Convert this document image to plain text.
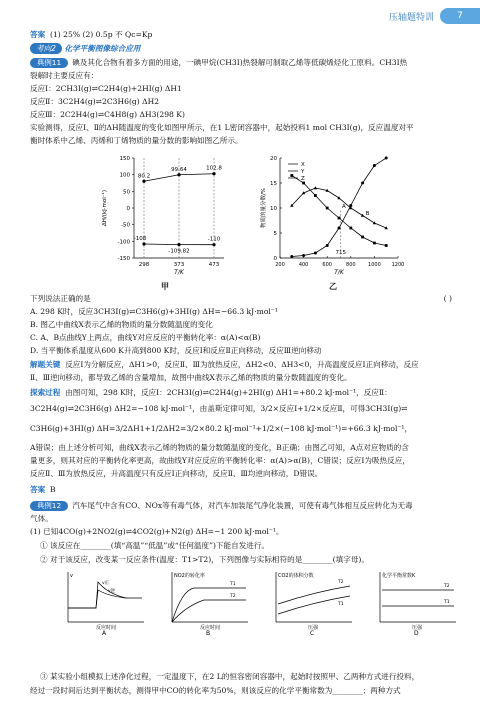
压轴题特训	7
答案 (1) 25% (2) 0.5p 不 Qc=Kp
考向2 化学平衡图像综合应用
典例11 碘及其化合物有着多方面的用途，一碘甲烷(CH3I)热裂解可制取乙烯等低碳烯烃化工原料。CH3I热
裂解时主要反应有：
反应Ⅰ：2CH3I(g)⇌C2H4(g)+2HI(g) ΔH1
反应Ⅱ：3C2H4(g)⇌2C3H6(g) ΔH2
反应Ⅲ：2C2H4(g)⇌C4H8(g) ΔH3(298 K)
实验测得，反应Ⅰ、Ⅱ的ΔH随温度的变化如图甲所示，在1 L密闭容器中，起始投料1 mol CH3I(g)，反应温度对平
衡时体系中乙烯、丙烯和丁烯物质的量分数的影响如图乙所示。
150
100
50
0
-50
-100
-150
298	373	473
T/K
ΔH/(kJ·mol⁻¹)
80.2
99.64	102.8
-108
-109.82
-110
甲
0
5
10
15
20
200	400	600	800 1000 1200
T/K
物质的量分数/%
X
Y
Z
A
B
715
乙
下列说法正确的是	( )
A. 298 K时，反应3CH3I(g)⇌C3H6(g)+3HI(g) ΔH=−66.3 kJ·mol⁻¹
B. 图乙中曲线X表示乙烯的物质的量分数随温度的变化
C. A、B点曲线Y上两点，曲线Y对应反应的平衡转化率：α(A)<α(B)
D. 当平衡体系温度从600 K升高到800 K时，反应Ⅰ和反应Ⅱ正向移动，反应Ⅲ逆向移动
解题关键 反应Ⅰ为分解反应，ΔH1>0，反应Ⅱ、Ⅲ为放热反应，ΔH2<0、ΔH3<0，升高温度反应Ⅰ正向移动，反应
Ⅱ、Ⅲ逆向移动，都导致乙烯的含量增加，故图中曲线X表示乙烯的物质的量分数随温度的变化。
探索过程 由图可知，298 K时，反应Ⅰ：2CH3I(g)⇌C2H4(g)+2HI(g) ΔH1=+80.2 kJ·mol⁻¹，反应Ⅱ：
3C2H4(g)⇌2C3H6(g) ΔH2=−108 kJ·mol⁻¹，由盖斯定律可知，3/2×反应Ⅰ+1/2×反应Ⅱ，可得3CH3I(g)⇌
C3H6(g)+3HI(g) ΔH=3/2ΔH1+1/2ΔH2=3/2×80.2 kJ·mol⁻¹+1/2×(−108 kJ·mol⁻¹)=+66.3 kJ·mol⁻¹，
A错误；由上述分析可知，曲线X表示乙烯的物质的量分数随温度的变化，B正确；由图乙可知，A点对应物质的含
量更多，则其对应的平衡转化率更高，故曲线Y对应反应的平衡转化率：α(A)>α(B)，C错误；反应Ⅰ为吸热反应，
反应Ⅱ、Ⅲ为放热反应，升高温度只有反应Ⅰ正向移动，反应Ⅱ、Ⅲ均逆向移动，D错误。
答案 B
典例12 汽车尾气中含有CO、NOx等有毒气体，对汽车加装尾气净化装置，可使有毒气体相互反应转化为无毒
气体。
(1) 已知4CO(g)+2NO2(g)⇌4CO2(g)+N2(g) ΔH=−1 200 kJ·mol⁻¹。
① 该反应在________(填“高温”“低温”或“任何温度”)下能自发进行。
② 对于该反应，改变某一反应条件(温度：T1>T2)，下列图像与实际相符的是________(填字母)。
v
v正
v逆
反应时间
A
NO2的转化率
T1
T2
反应时间
B
CO2的体积分数
T2
T1
压强
C
化学平衡常数K
T2
T1
压强
D
③ 某实验小组模拟上述净化过程，一定温度下，在2 L的恒容密闭容器中，起始时按照甲、乙两种方式进行投料，
经过一段时间后达到平衡状态，测得甲中CO的转化率为50%，则该反应的化学平衡常数为________；两种方式
